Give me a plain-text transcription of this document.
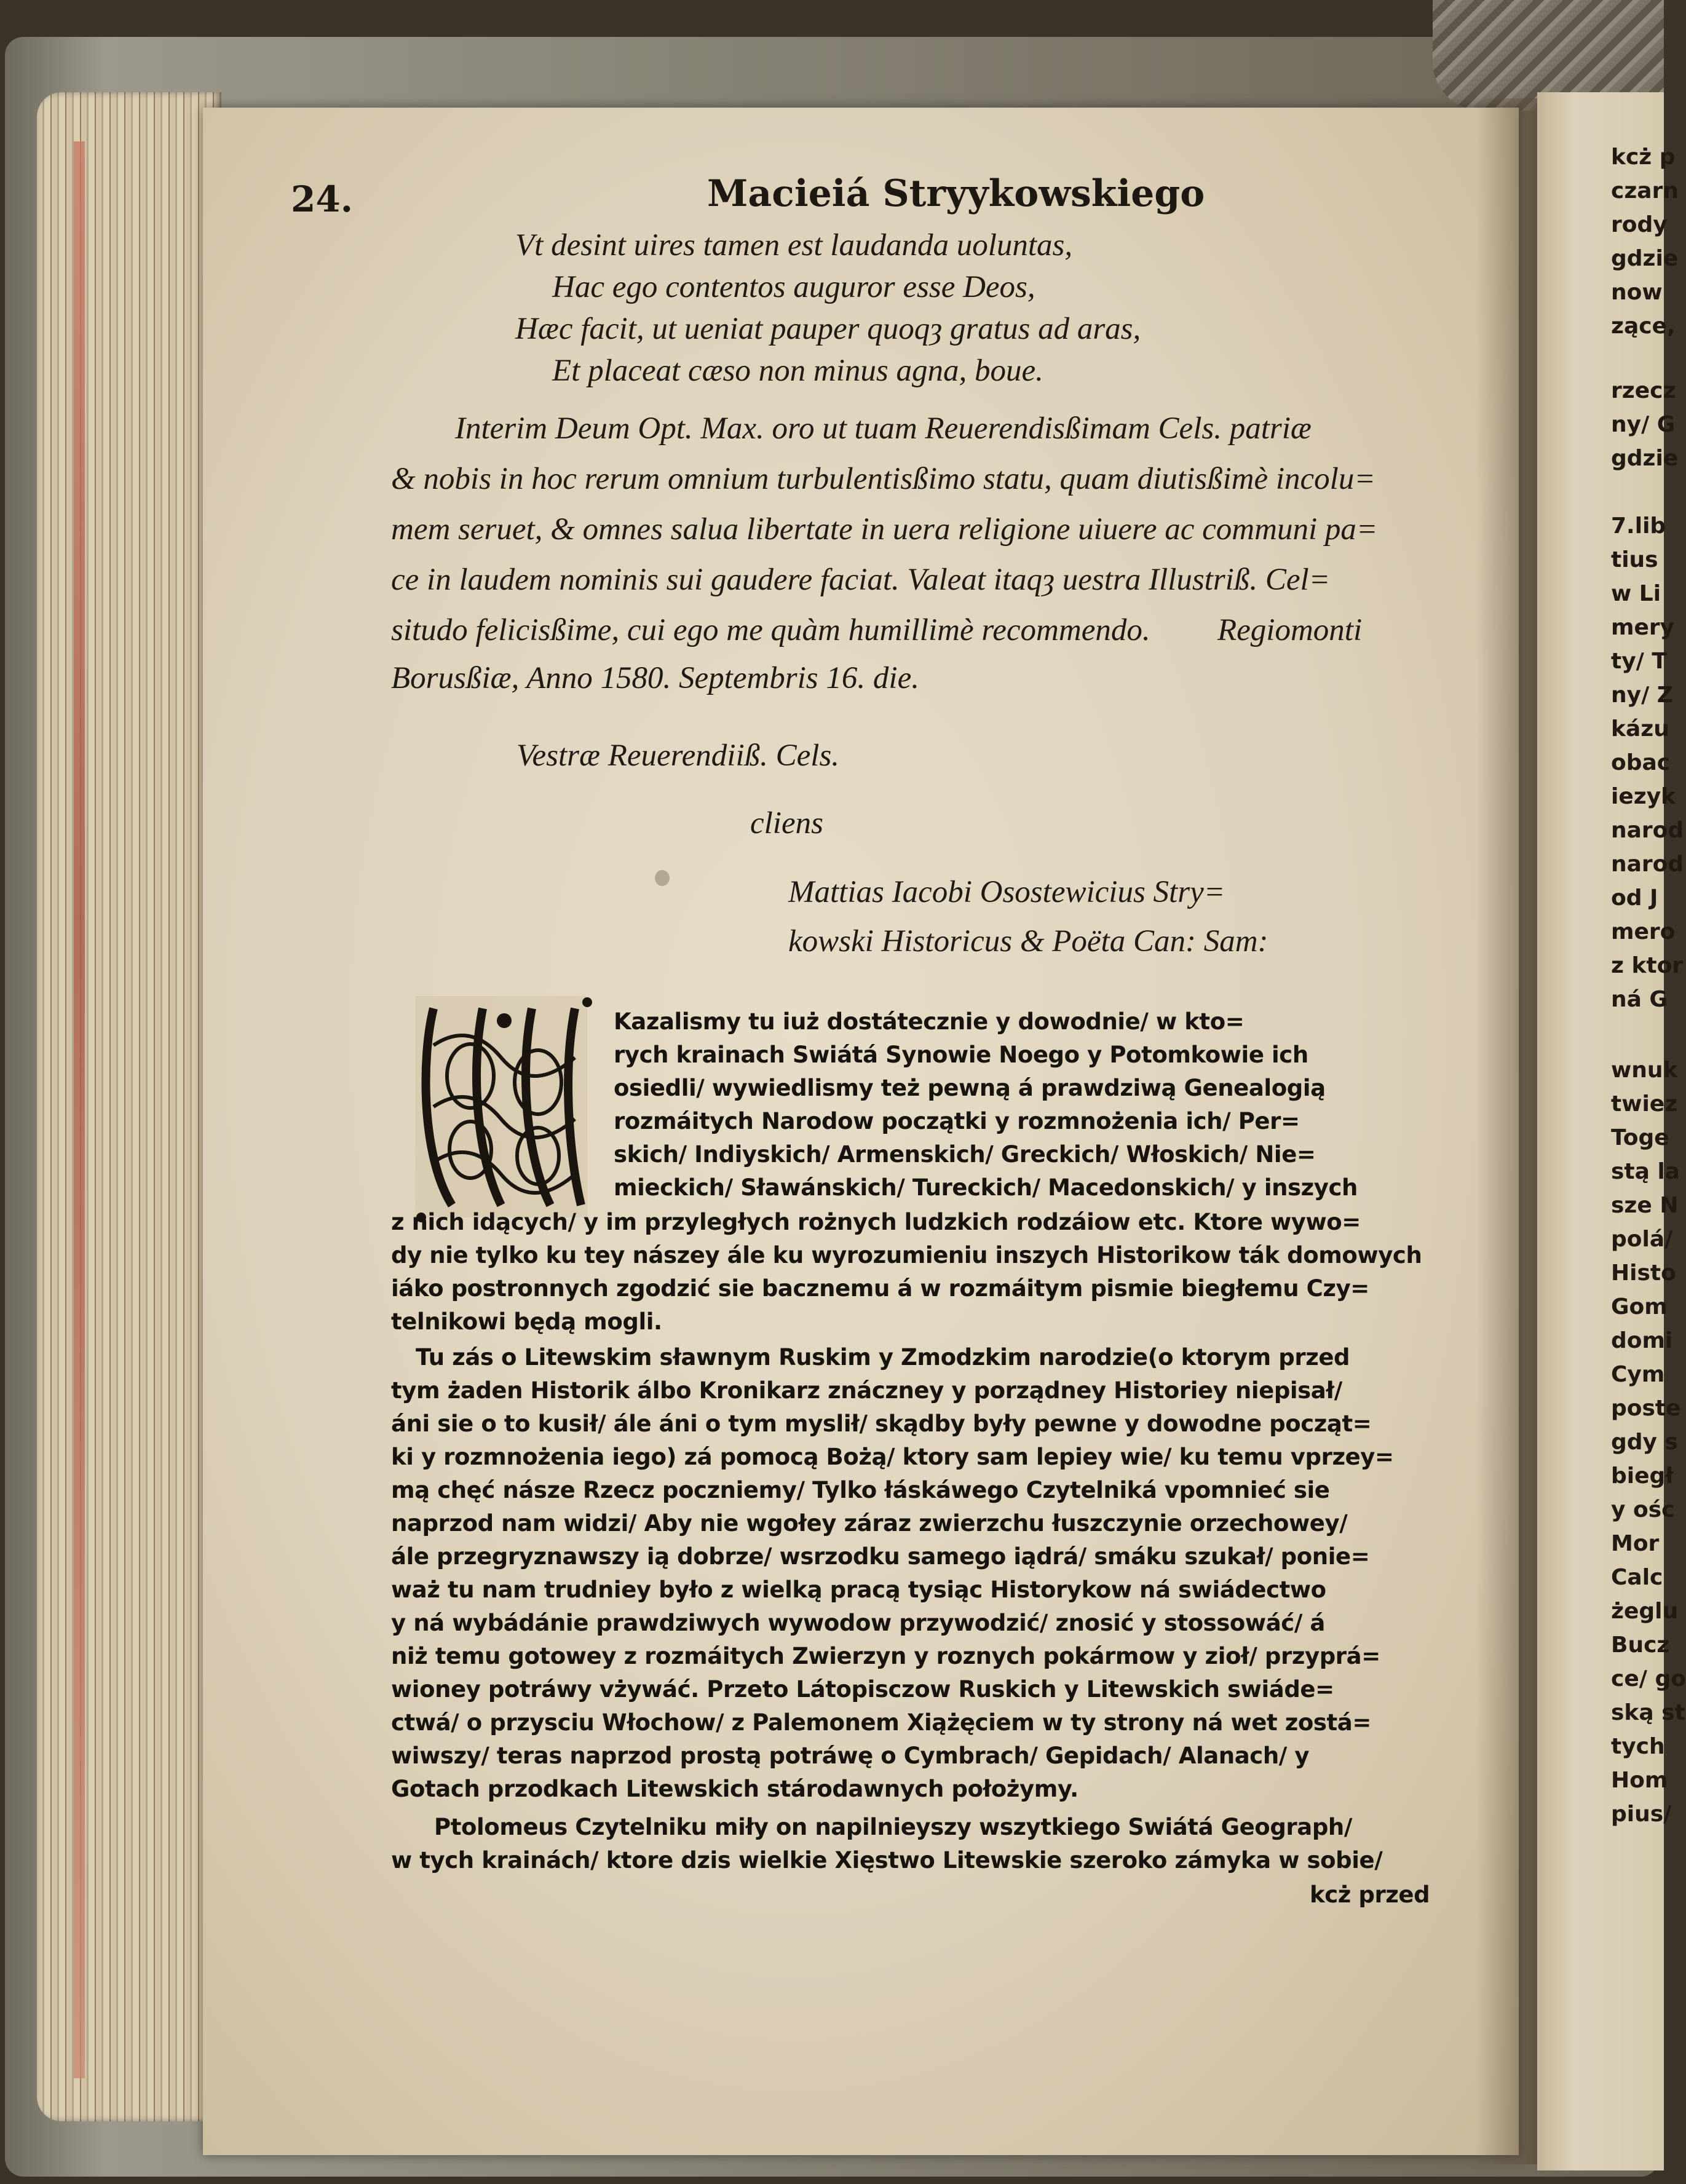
24.	Macieiá Stryykowskiego
Vt desint uires tamen est laudanda uoluntas,
Hac ego contentos auguror esse Deos,
Hæc facit, ut ueniat pauper quoqȝ gratus ad aras,
Et placeat cæso non minus agna, boue.
Interim Deum Opt. Max. oro ut tuam Reuerendisßimam Cels. patriæ
& nobis in hoc rerum omnium turbulentisßimo statu, quam diutisßimè incolu=
mem seruet, & omnes salua libertate in uera religione uiuere ac communi pa=
ce in laudem nominis sui gaudere faciat. Valeat itaqȝ uestra Illustriß. Cel=
situdo felicisßime, cui ego me quàm humillimè recommendo. Regiomonti
Borusßiæ, Anno 1580. Septembris 16. die.
Vestræ Reuerendiiß. Cels.
cliens
Mattias Iacobi Osostewicius Stry=
kowski Historicus & Poëta Can: Sam:
Kazalismy tu iuż dostátecznie y dowodnie/ w kto=
rych krainach Swiátá Synowie Noego y Potomkowie ich
osiedli/ wywiedlismy też pewną á prawdziwą Genealogią
rozmáitych Narodow początki y rozmnożenia ich/ Per=
skich/ Indiyskich/ Armenskich/ Greckich/ Włoskich/ Nie=
mieckich/ Sławánskich/ Tureckich/ Macedonskich/ y inszych
z nich idących/ y im przyległych rożnych ludzkich rodzáiow etc. Ktore wywo=
dy nie tylko ku tey nászey ále ku wyrozumieniu inszych Historikow ták domowych
iáko postronnych zgodzić sie bacznemu á w rozmáitym pismie biegłemu Czy=
telnikowi będą mogli.
Tu zás o Litewskim sławnym Ruskim y Zmodzkim narodzie(o ktorym przed
tym żaden Historik álbo Kronikarz znáczney y porządney Historiey niepisał/
áni sie o to kusił/ ále áni o tym myslił/ skądby były pewne y dowodne począt=
ki y rozmnożenia iego) zá pomocą Bożą/ ktory sam lepiey wie/ ku temu vprzey=
mą chęć násze Rzecz poczniemy/ Tylko łáskáwego Czytelniká vpomnieć sie
naprzod nam widzi/ Aby nie wgołey záraz zwierzchu łuszczynie orzechowey/
ále przegryznawszy ią dobrze/ wsrzodku samego iądrá/ smáku szukał/ ponie=
waż tu nam trudniey było z wielką pracą tysiąc Historykow ná swiádectwo
y ná wybádánie prawdziwych wywodow przywodzić/ znosić y stossowáć/ á
niż temu gotowey z rozmáitych Zwierzyn y roznych pokármow y zioł/ przyprá=
wioney potráwy vżywáć. Przeto Látopisczow Ruskich y Litewskich swiáde=
ctwá/ o przysciu Włochow/ z Palemonem Xiążęciem w ty strony ná wet zostá=
wiwszy/ teras naprzod prostą potráwę o Cymbrach/ Gepidach/ Alanach/ y
Gotach przodkach Litewskich stárodawnych położymy.
Ptolomeus Czytelniku miły on napilnieyszy wszytkiego Swiátá Geograph/
w tych krainách/ ktore dzis wielkie Xięstwo Litewskie szeroko zámyka w sobie/
kcż przed
kcż p
czarn
rody
gdzie
now
zące,
rzecz
ny/ G
gdzie
7.lib
tius
w Li
mery
ty/ T
ny/ Z
kázu
obac
iezyk
narod
narod
od J
mero
z ktor
ná G
wnuk
twiez
Toge
stą la
sze N
polá/
Histo
Gom
domi
Cym
poste
gdy s
biegł
y ośc
Mor
Calc
żeglu
Bucz
ce/ go
ską st
tych
Hom
pius/
